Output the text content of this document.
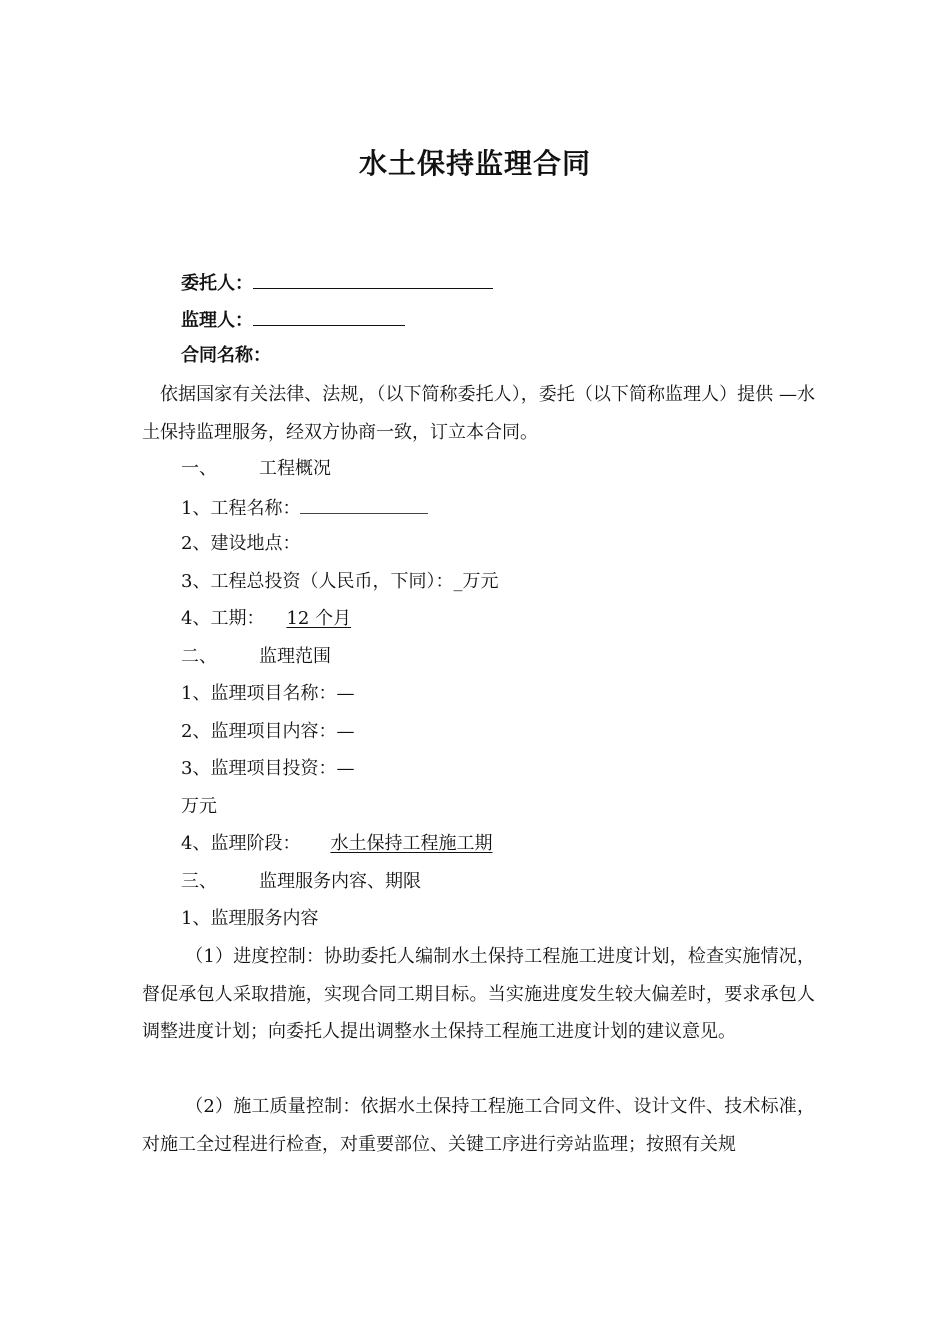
水土保持监理合同
委托人：
监理人：
合同名称：
依据国家有关法律、法规，（以下简称委托人），委托（以下简称监理人）提供 —水土保持监理服务，经双方协商一致，订立本合同。
一、 工程概况
1、工程名称：
2、建设地点：
3、工程总投资（人民币，下同）：_万元
4、工期： 12 个月
二、 监理范围
1、监理项目名称：—
2、监理项目内容：—
3、监理项目投资：—
万元
4、监理阶段： 水土保持工程施工期
三、 监理服务内容、期限
1、监理服务内容
（1）进度控制：协助委托人编制水土保持工程施工进度计划，检查实施情况，督促承包人采取措施，实现合同工期目标。当实施进度发生较大偏差时，要求承包人调整进度计划；向委托人提出调整水土保持工程施工进度计划的建议意见。
（2）施工质量控制：依据水土保持工程施工合同文件、设计文件、技术标准，对施工全过程进行检查，对重要部位、关键工序进行旁站监理；按照有关规
